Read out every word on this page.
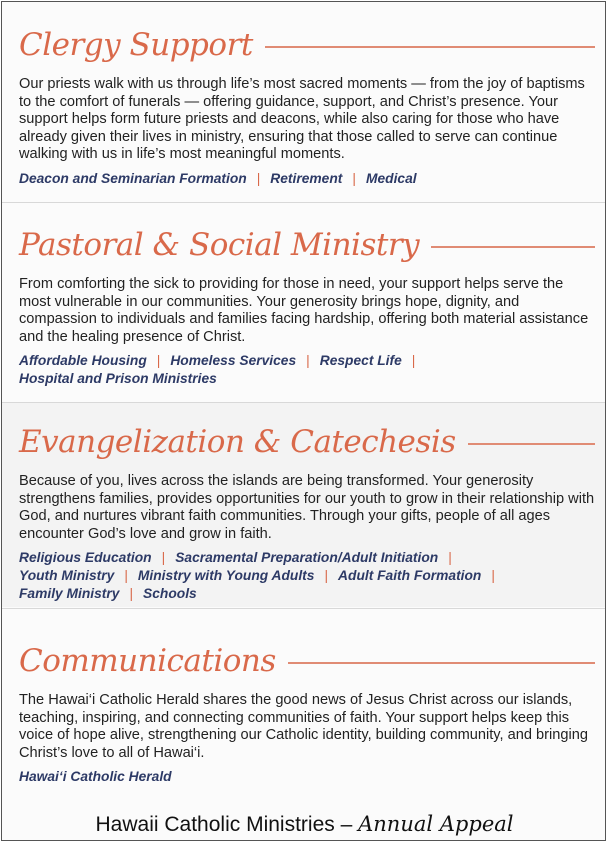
Clergy Support

Our priests walk with us through life’s most sacred moments — from the joy of baptisms to the comfort of funerals — offering guidance, support, and Christ’s presence. Your support helps form future priests and deacons, while also caring for those who have already given their lives in ministry, ensuring that those called to serve can continue walking with us in life’s most meaningful moments.

Deacon and Seminarian Formation | Retirement | Medical
Pastoral & Social Ministry

From comforting the sick to providing for those in need, your support helps serve the most vulnerable in our communities. Your generosity brings hope, dignity, and compassion to individuals and families facing hardship, offering both material assistance and the healing presence of Christ.

Affordable Housing | Homeless Services | Respect Life |
Hospital and Prison Ministries
Evangelization & Catechesis

Because of you, lives across the islands are being transformed. Your generosity strengthens families, provides opportunities for our youth to grow in their relationship with God, and nurtures vibrant faith communities. Through your gifts, people of all ages encounter God’s love and grow in faith.

Religious Education | Sacramental Preparation/Adult Initiation |
Youth Ministry | Ministry with Young Adults | Adult Faith Formation |
Family Ministry | Schools
Communications

The Hawai‘i Catholic Herald shares the good news of Jesus Christ across our islands, teaching, inspiring, and connecting communities of faith. Your support helps keep this voice of hope alive, strengthening our Catholic identity, building community, and bringing Christ’s love to all of Hawai‘i.

Hawai‘i Catholic Herald
Hawaii Catholic Ministries – Annual Appeal
